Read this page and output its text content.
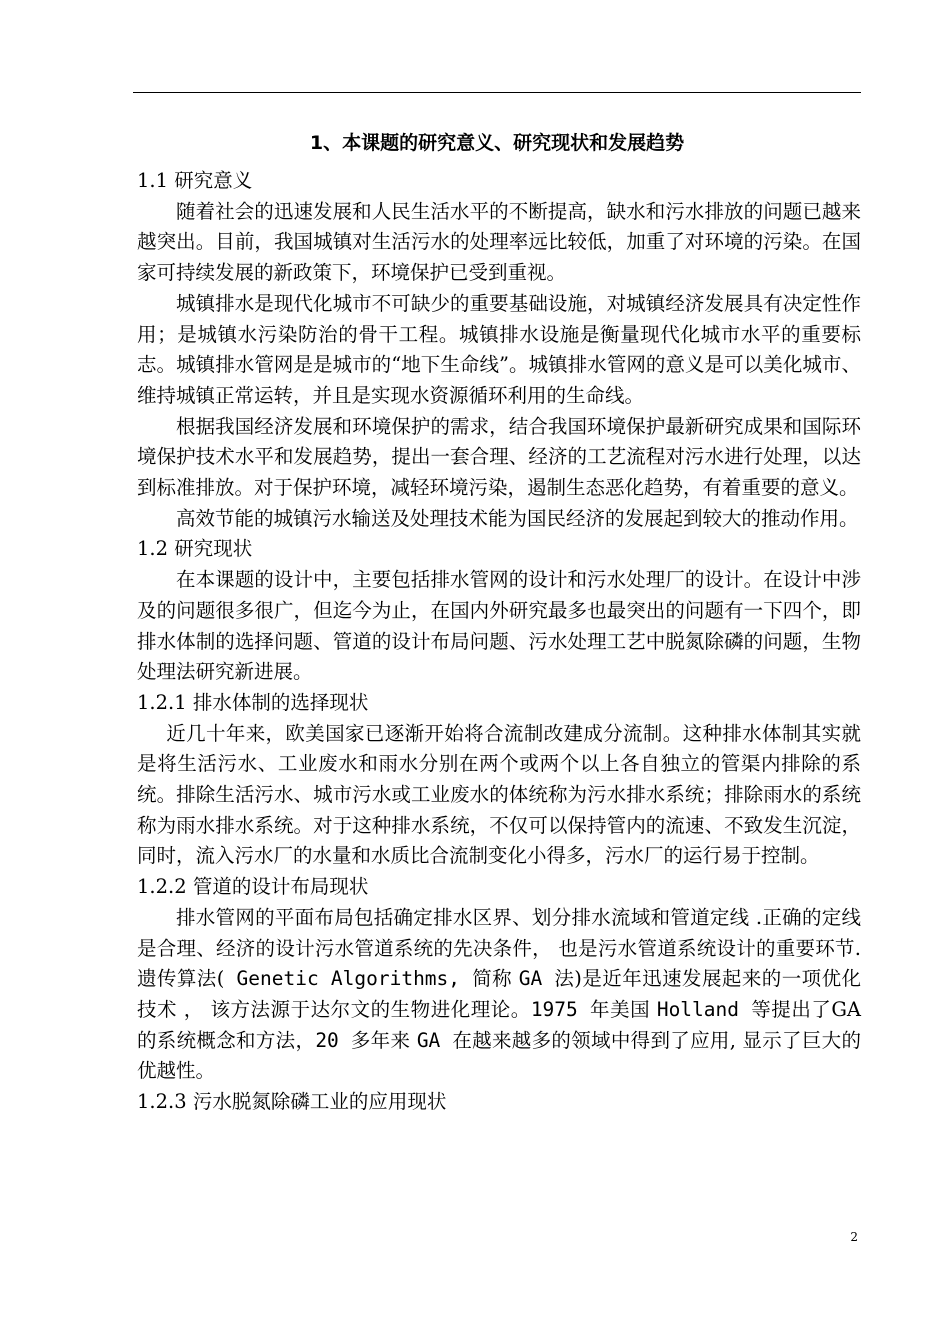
1、本课题的研究意义、研究现状和发展趋势

1.1 研究意义

随着社会的迅速发展和人民生活水平的不断提高，缺水和污水排放的问题已越来越突出。目前，我国城镇对生活污水的处理率远比较低，加重了对环境的污染。在国家可持续发展的新政策下，环境保护已受到重视。

城镇排水是现代化城市不可缺少的重要基础设施，对城镇经济发展具有决定性作用；是城镇水污染防治的骨干工程。城镇排水设施是衡量现代化城市水平的重要标志。城镇排水管网是是城市的“地下生命线”。城镇排水管网的意义是可以美化城市、维持城镇正常运转，并且是实现水资源循环利用的生命线。

根据我国经济发展和环境保护的需求，结合我国环境保护最新研究成果和国际环境保护技术水平和发展趋势，提出一套合理、经济的工艺流程对污水进行处理，以达到标准排放。对于保护环境，减轻环境污染，遏制生态恶化趋势，有着重要的意义。

高效节能的城镇污水输送及处理技术能为国民经济的发展起到较大的推动作用。

1.2 研究现状

在本课题的设计中，主要包括排水管网的设计和污水处理厂的设计。在设计中涉及的问题很多很广，但迄今为止，在国内外研究最多也最突出的问题有一下四个，即排水体制的选择问题、管道的设计布局问题、污水处理工艺中脱氮除磷的问题，生物处理法研究新进展。

1.2.1 排水体制的选择现状

近几十年来，欧美国家已逐渐开始将合流制改建成分流制。这种排水体制其实就是将生活污水、工业废水和雨水分别在两个或两个以上各自独立的管渠内排除的系统。排除生活污水、城市污水或工业废水的体统称为污水排水系统；排除雨水的系统称为雨水排水系统。对于这种排水系统，不仅可以保持管内的流速、不致发生沉淀，同时，流入污水厂的水量和水质比合流制变化小得多，污水厂的运行易于控制。

1.2.2 管道的设计布局现状

排水管网的平面布局包括确定排水区界、划分排水流域和管道定线 .正确的定线是合理、经济的设计污水管道系统的先决条件， 也是污水管道系统设计的重要环节.遗传算法( Genetic Algorithms, 简称 GA 法)是近年迅速发展起来的一项优化技术 ， 该方法源于达尔文的生物进化理论。1975 年美国 Holland 等提出了GA的系统概念和方法，20 多年来 GA 在越来越多的领域中得到了应用, 显示了巨大的优越性。

1.2.3 污水脱氮除磷工业的应用现状

2
